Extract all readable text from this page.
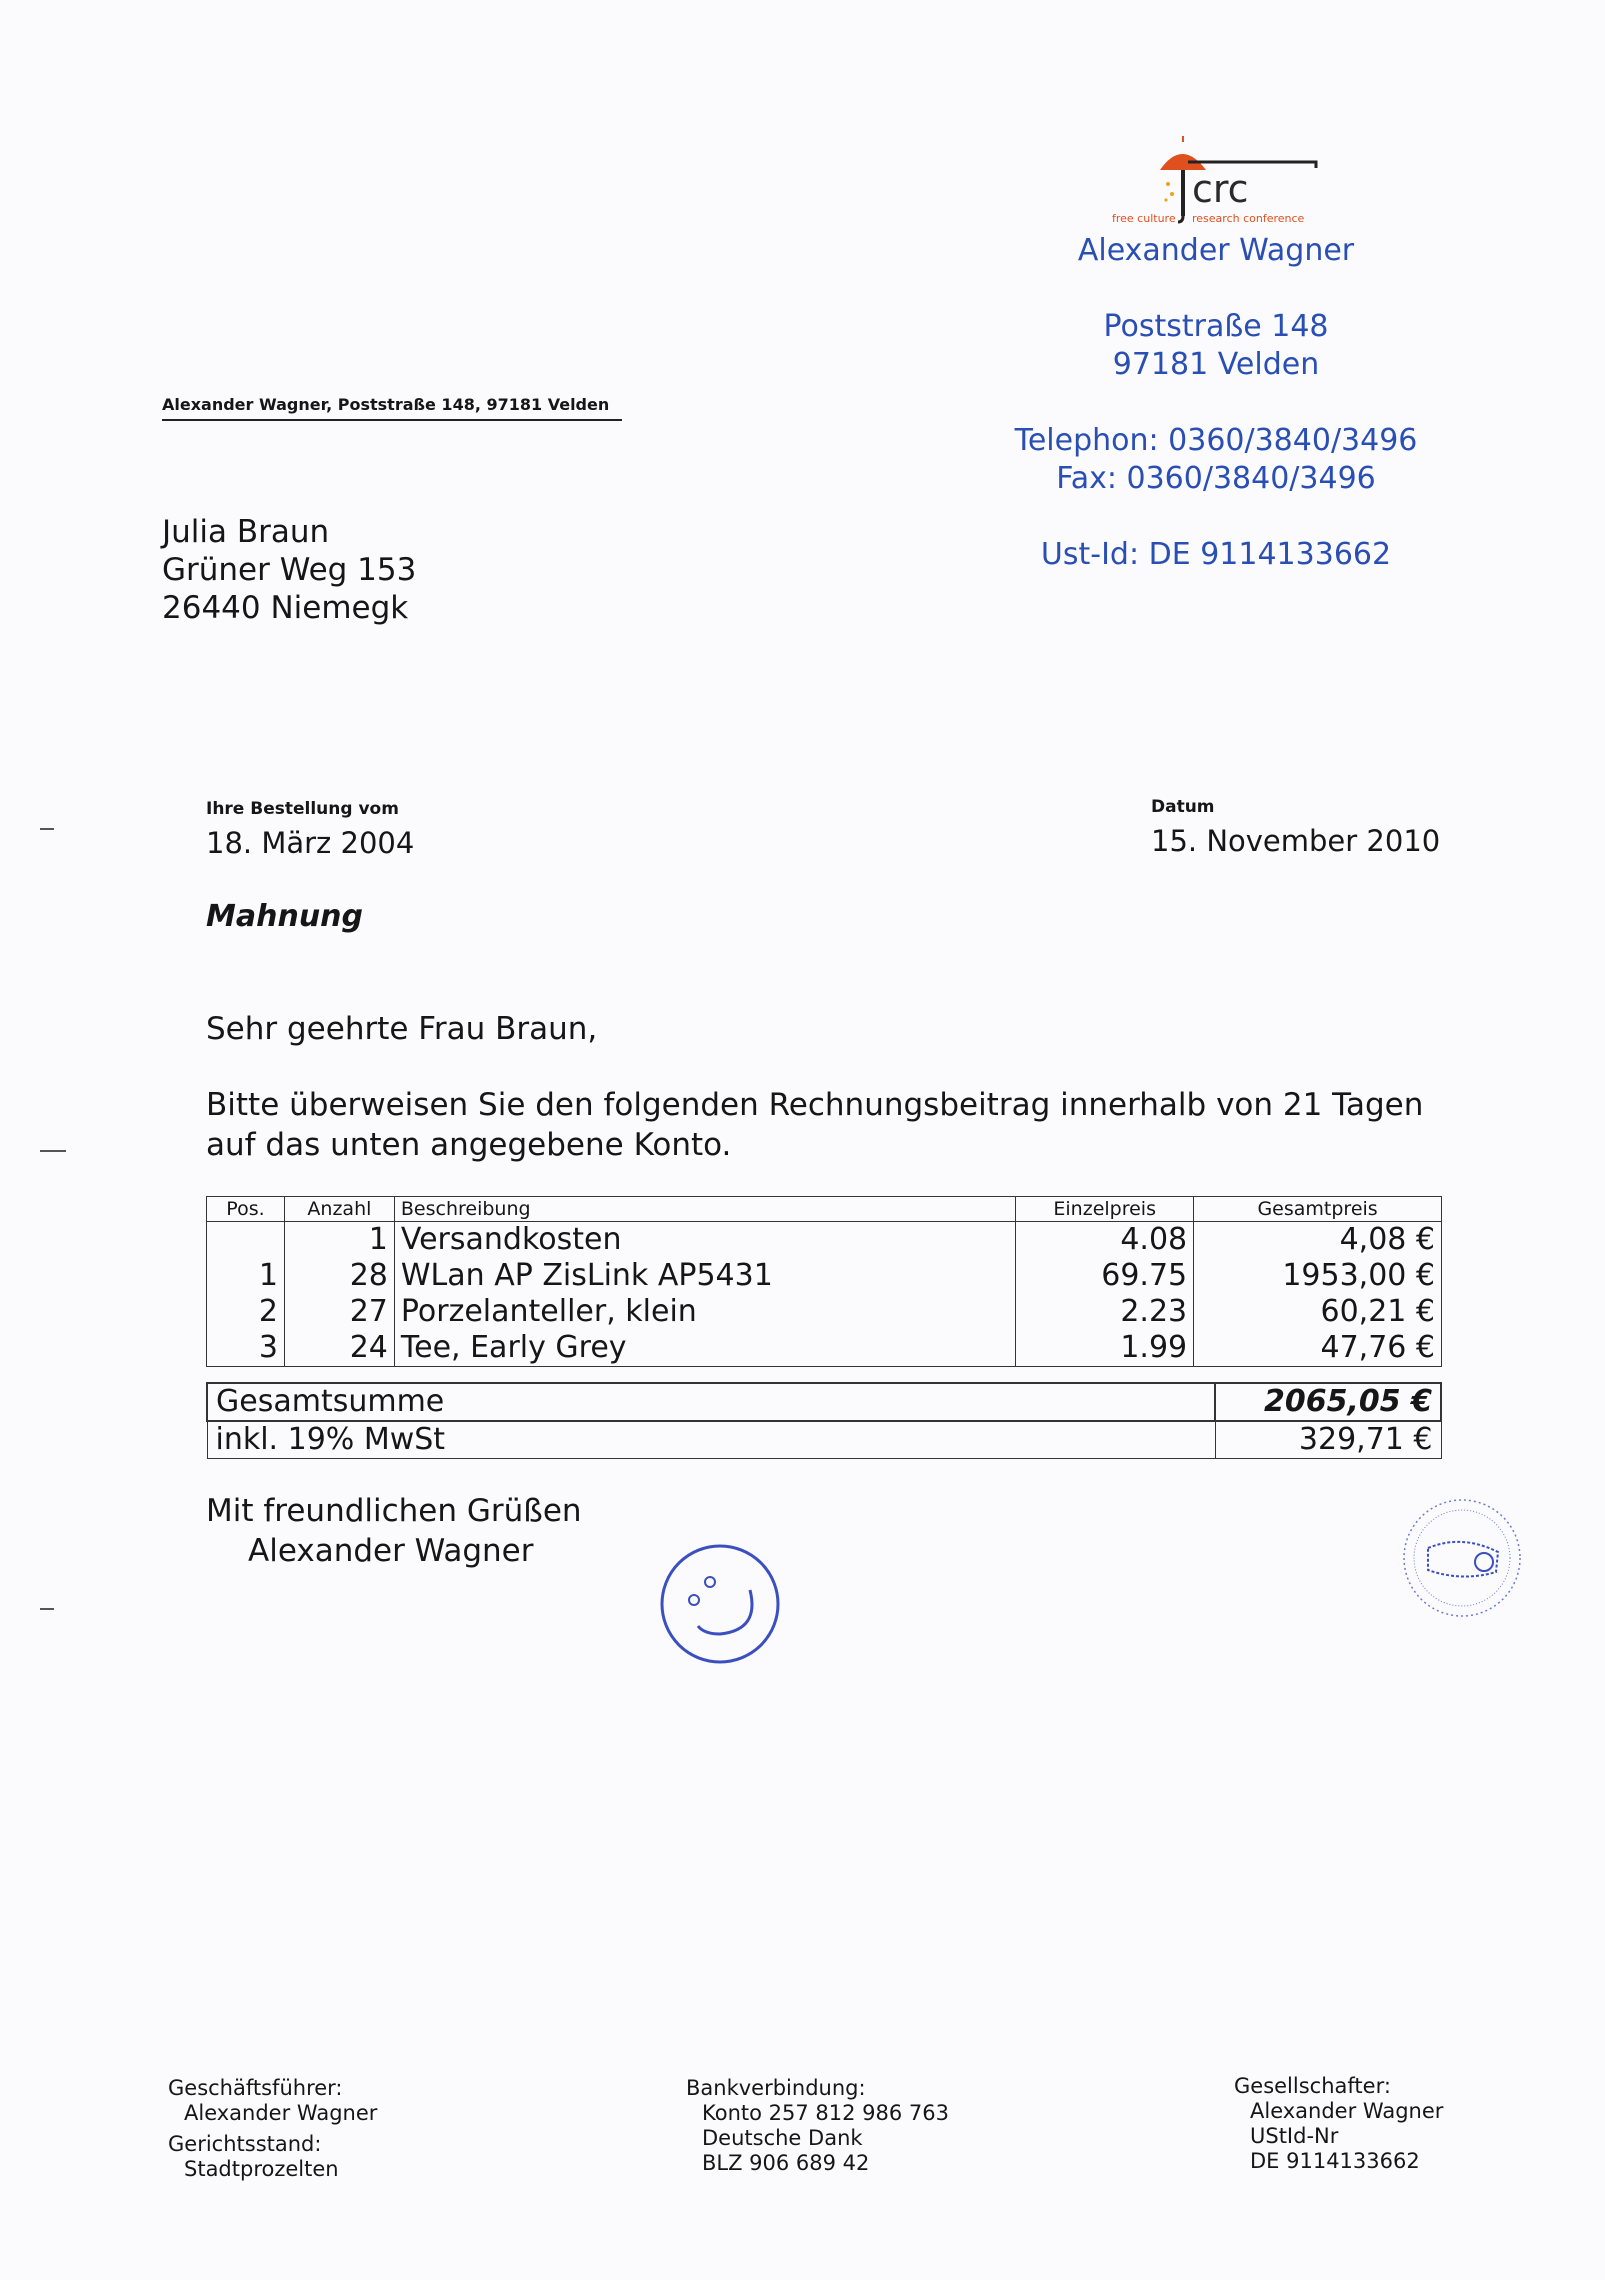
crc
free culture research conference
Alexander Wagner
Poststraße 148
97181 Velden
Telephon: 0360/3840/3496
Fax: 0360/3840/3496
Ust-Id: DE 9114133662
Alexander Wagner, Poststraße 148, 97181 Velden
Julia Braun
Grüner Weg 153
26440 Niemegk
Ihre Bestellung vom
18. März 2004
Datum
15. November 2010
Mahnung
Sehr geehrte Frau Braun,
Bitte überweisen Sie den folgenden Rechnungsbeitrag innerhalb von 21 Tagen auf das unten angegebene Konto.
Pos.	Anzahl	Beschreibung	Einzelpreis	Gesamtpreis
	1	Versandkosten	4.08	4,08 €
1	28	WLan AP ZisLink AP5431	69.75	1953,00 €
2	27	Porzelanteller, klein	2.23	60,21 €
3	24	Tee, Early Grey	1.99	47,76 €
Gesamtsumme	2065,05 €
inkl. 19% MwSt	329,71 €
Mit freundlichen Grüßen
Alexander Wagner
Geschäftsführer:
Alexander Wagner
Gerichtsstand:
Stadtprozelten
Bankverbindung:
Konto 257 812 986 763
Deutsche Dank
BLZ 906 689 42
Gesellschafter:
Alexander Wagner
UStId-Nr
DE 9114133662
